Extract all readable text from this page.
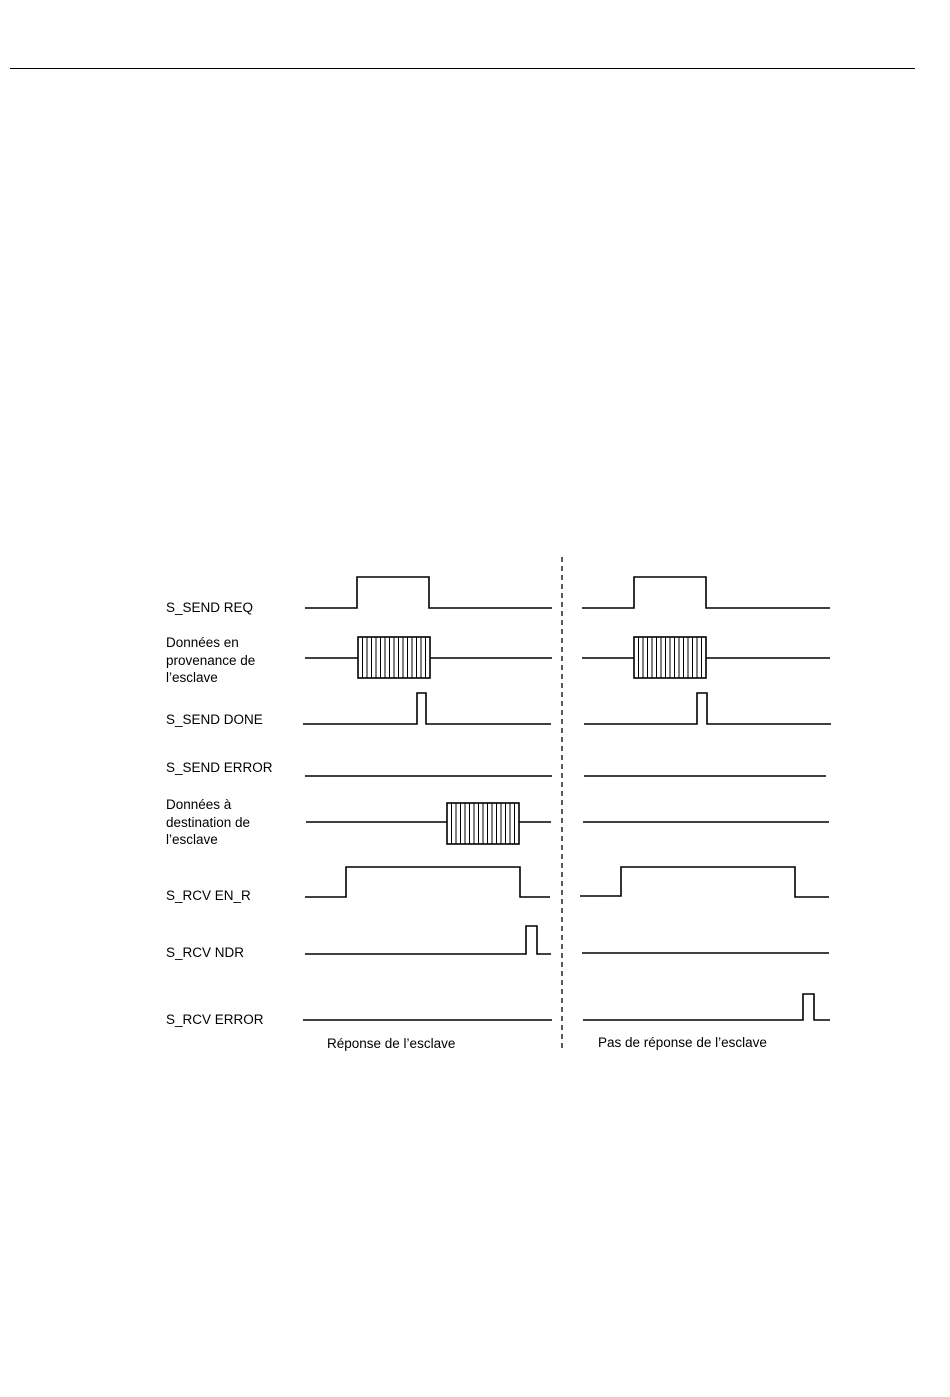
S_SEND REQ
Données en
provenance de
l’esclave
S_SEND DONE
S_SEND ERROR
Données à
destination de
l’esclave
S_RCV EN_R
S_RCV NDR
S_RCV ERROR
Réponse de l’esclave	Pas de réponse de l’esclave
